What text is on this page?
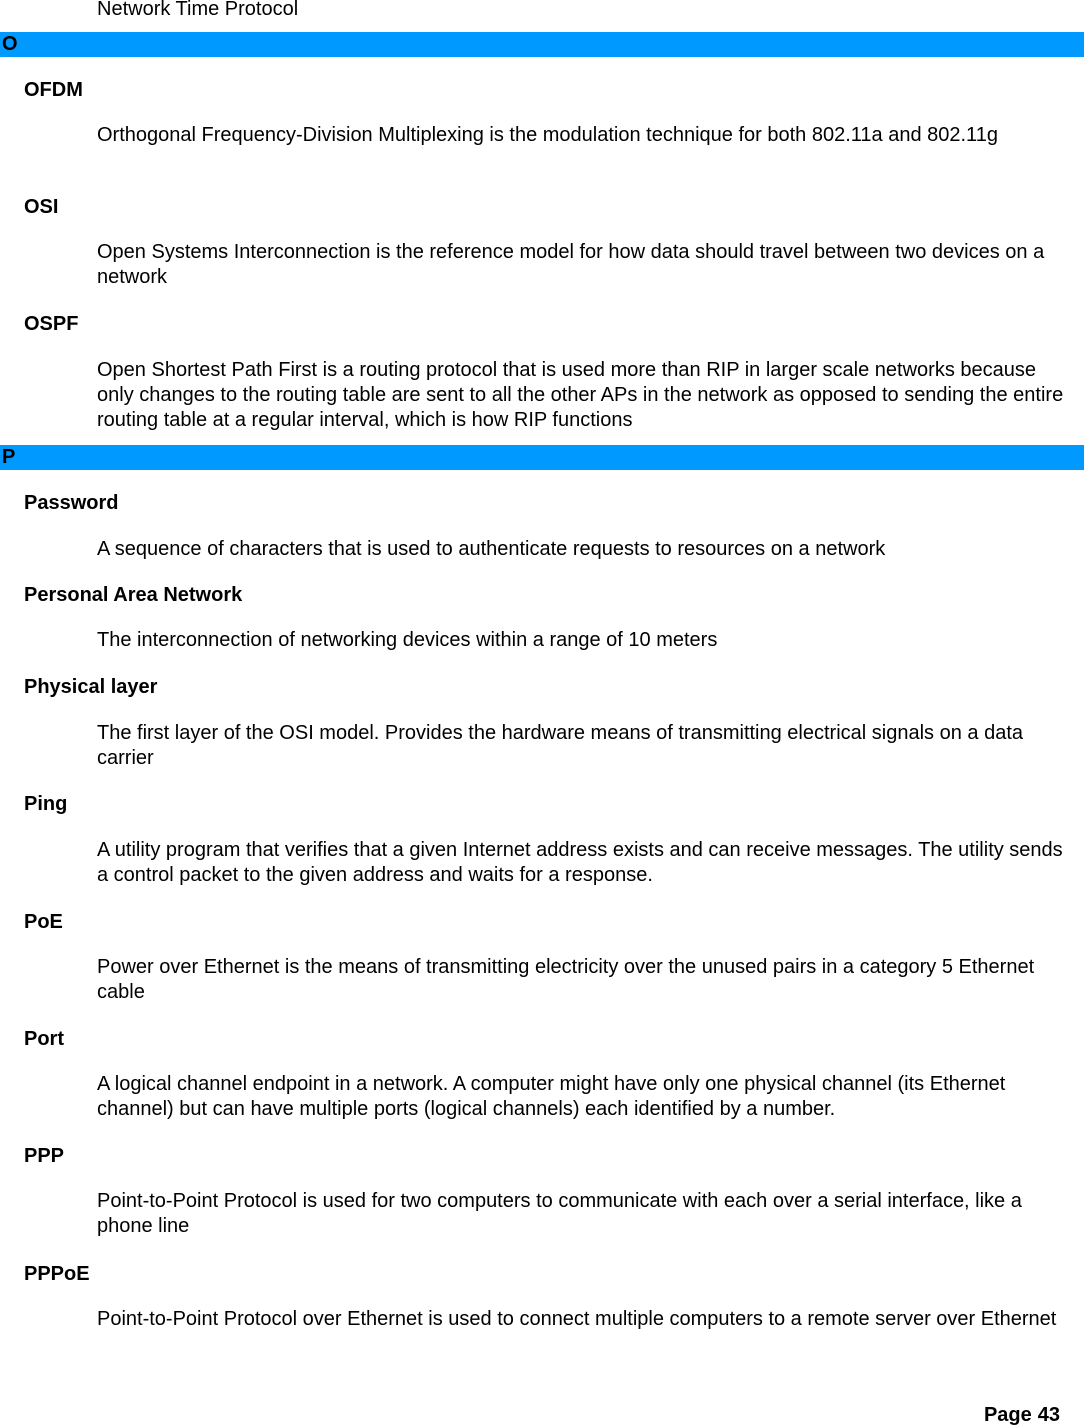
Network Time Protocol
O
OFDM
Orthogonal Frequency-Division Multiplexing is the modulation technique for both 802.11a and 802.11g
OSI
Open Systems Interconnection is the reference model for how data should travel between two devices on a network
OSPF
Open Shortest Path First is a routing protocol that is used more than RIP in larger scale networks because only changes to the routing table are sent to all the other APs in the network as opposed to sending the entire routing table at a regular interval, which is how RIP functions
P
Password
A sequence of characters that is used to authenticate requests to resources on a network
Personal Area Network
The interconnection of networking devices within a range of 10 meters
Physical layer
The first layer of the OSI model. Provides the hardware means of transmitting electrical signals on a data carrier
Ping
A utility program that verifies that a given Internet address exists and can receive messages. The utility sends a control packet to the given address and waits for a response.
PoE
Power over Ethernet is the means of transmitting electricity over the unused pairs in a category 5 Ethernet cable
Port
A logical channel endpoint in a network. A computer might have only one physical channel (its Ethernet channel) but can have multiple ports (logical channels) each identified by a number.
PPP
Point-to-Point Protocol is used for two computers to communicate with each over a serial interface, like a phone line
PPPoE
Point-to-Point Protocol over Ethernet is used to connect multiple computers to a remote server over Ethernet
Page 43
